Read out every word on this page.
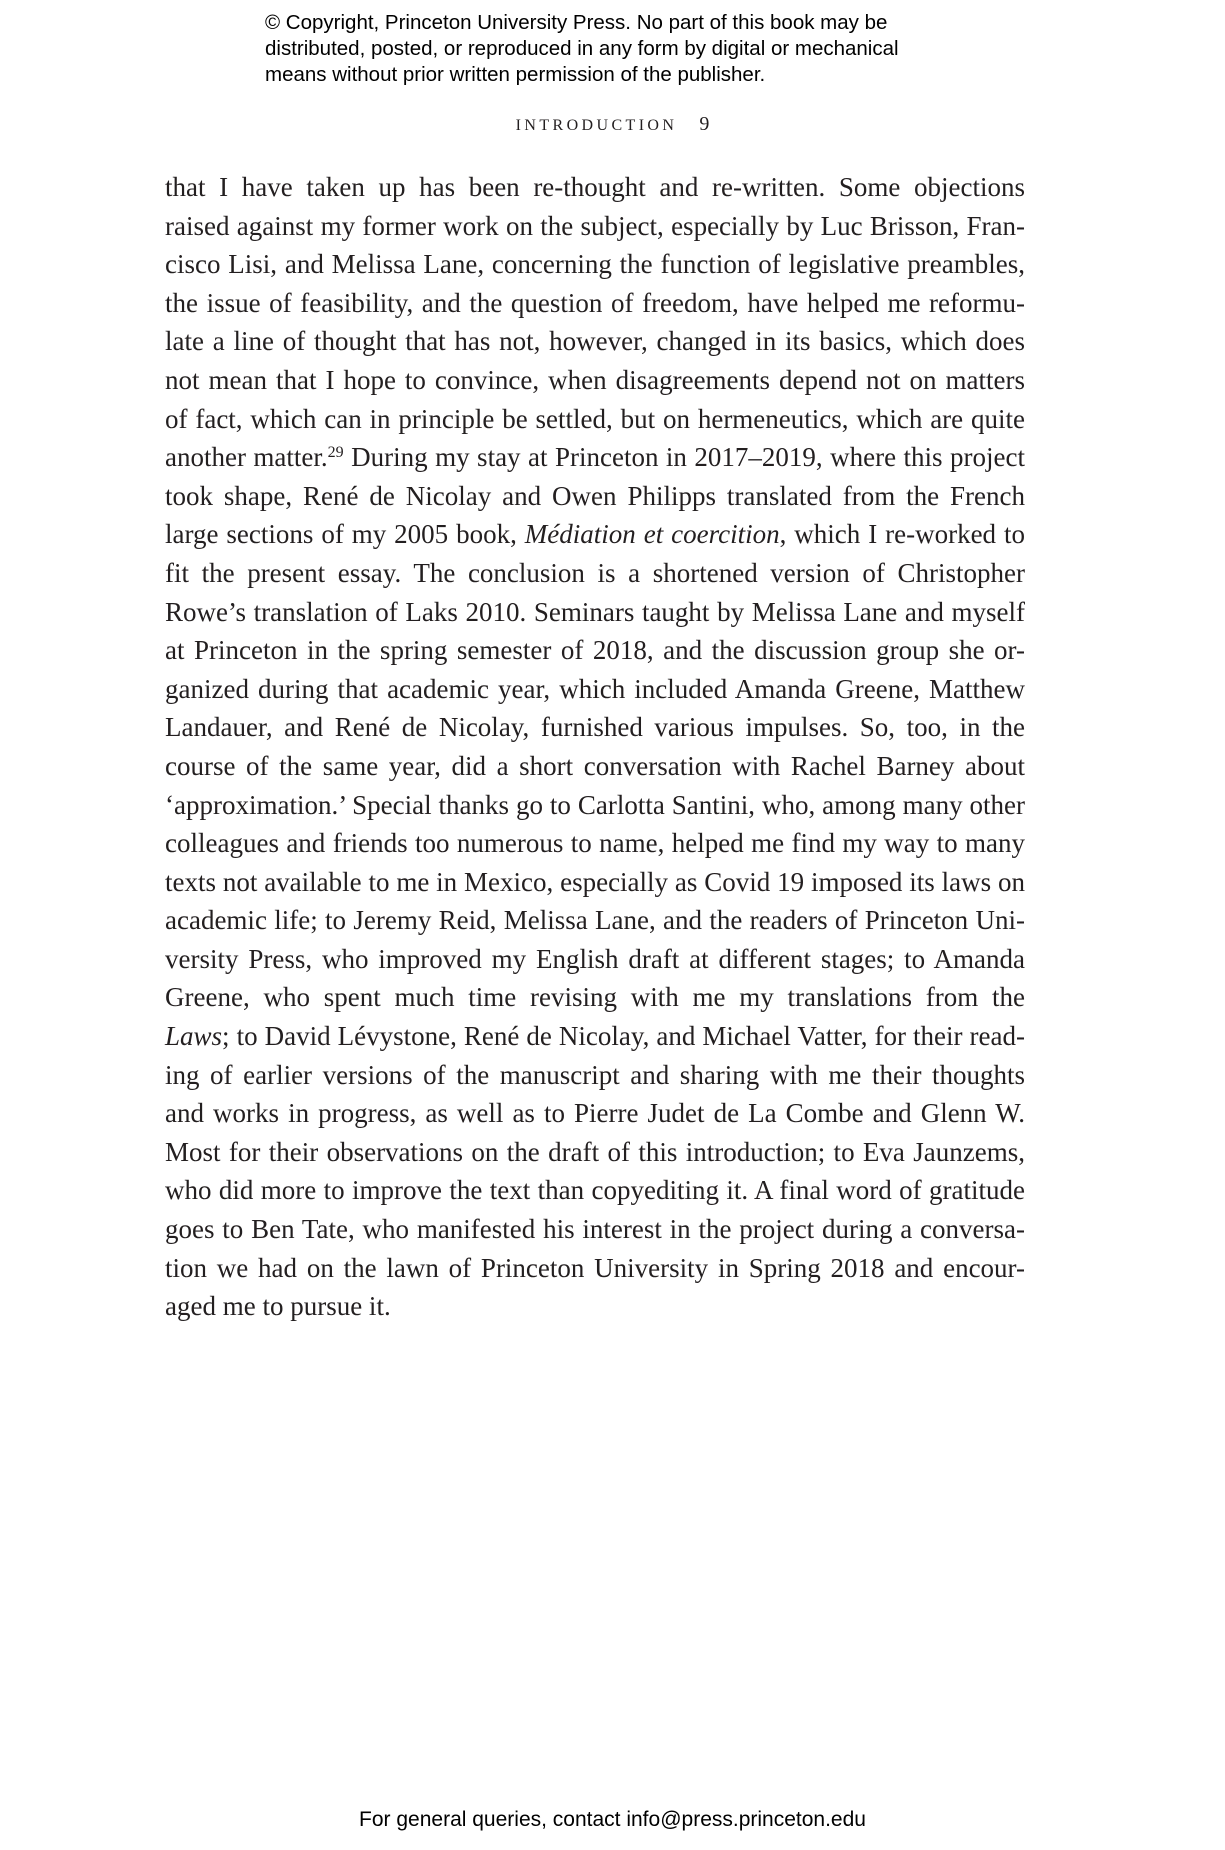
© Copyright, Princeton University Press. No part of this book may be
distributed, posted, or reproduced in any form by digital or mechanical
means without prior written permission of the publisher.
INTRODUCTION 9
that I have taken up has been re-thought and re-written. Some objections
raised against my former work on the subject, especially by Luc Brisson, Fran-
cisco Lisi, and Melissa Lane, concerning the function of legislative preambles,
the issue of feasibility, and the question of freedom, have helped me reformu-
late a line of thought that has not, however, changed in its basics, which does
not mean that I hope to convince, when disagreements depend not on matters
of fact, which can in principle be settled, but on hermeneutics, which are quite
another matter.$^{29}$ During my stay at Princeton in 2017–2019, where this project
took shape, René de Nicolay and Owen Philipps translated from the French
large sections of my 2005 book, Médiation et coercition, which I re-worked to
fit the present essay. The conclusion is a shortened version of Christopher
Rowe’s translation of Laks 2010. Seminars taught by Melissa Lane and myself
at Princeton in the spring semester of 2018, and the discussion group she or-
ganized during that academic year, which included Amanda Greene, Matthew
Landauer, and René de Nicolay, furnished various impulses. So, too, in the
course of the same year, did a short conversation with Rachel Barney about
‘approximation.’ Special thanks go to Carlotta Santini, who, among many other
colleagues and friends too numerous to name, helped me find my way to many
texts not available to me in Mexico, especially as Covid 19 imposed its laws on
academic life; to Jeremy Reid, Melissa Lane, and the readers of Princeton Uni-
versity Press, who improved my English draft at different stages; to Amanda
Greene, who spent much time revising with me my translations from the
Laws; to David Lévystone, René de Nicolay, and Michael Vatter, for their read-
ing of earlier versions of the manuscript and sharing with me their thoughts
and works in progress, as well as to Pierre Judet de La Combe and Glenn W.
Most for their observations on the draft of this introduction; to Eva Jaunzems,
who did more to improve the text than copyediting it. A final word of gratitude
goes to Ben Tate, who manifested his interest in the project during a conversa-
tion we had on the lawn of Princeton University in Spring 2018 and encour-
aged me to pursue it.
For general queries, contact info@press.princeton.edu
